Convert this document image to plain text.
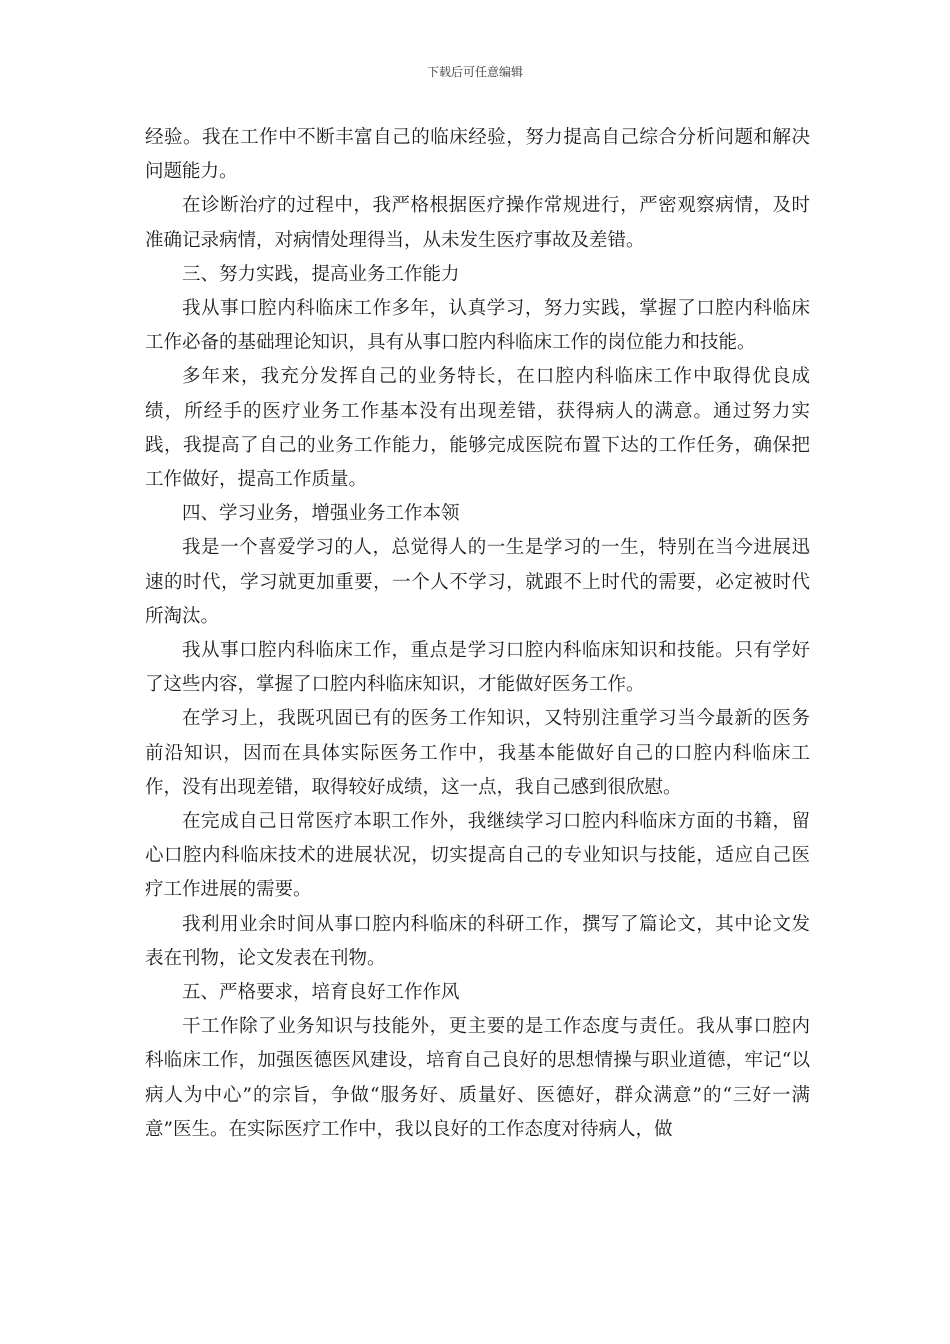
下载后可任意编辑

经验。我在工作中不断丰富自己的临床经验，努力提高自己综合分析问题和解决问题能力。

在诊断治疗的过程中，我严格根据医疗操作常规进行，严密观察病情，及时准确记录病情，对病情处理得当，从未发生医疗事故及差错。

三、努力实践，提高业务工作能力

我从事口腔内科临床工作多年，认真学习，努力实践，掌握了口腔内科临床工作必备的基础理论知识，具有从事口腔内科临床工作的岗位能力和技能。

多年来，我充分发挥自己的业务特长，在口腔内科临床工作中取得优良成绩，所经手的医疗业务工作基本没有出现差错，获得病人的满意。通过努力实践，我提高了自己的业务工作能力，能够完成医院布置下达的工作任务，确保把工作做好，提高工作质量。

四、学习业务，增强业务工作本领

我是一个喜爱学习的人，总觉得人的一生是学习的一生，特别在当今进展迅速的时代，学习就更加重要，一个人不学习，就跟不上时代的需要，必定被时代所淘汰。

我从事口腔内科临床工作，重点是学习口腔内科临床知识和技能。只有学好了这些内容，掌握了口腔内科临床知识，才能做好医务工作。

在学习上，我既巩固已有的医务工作知识，又特别注重学习当今最新的医务前沿知识，因而在具体实际医务工作中，我基本能做好自己的口腔内科临床工作，没有出现差错，取得较好成绩，这一点，我自己感到很欣慰。

在完成自己日常医疗本职工作外，我继续学习口腔内科临床方面的书籍，留心口腔内科临床技术的进展状况，切实提高自己的专业知识与技能，适应自己医疗工作进展的需要。

我利用业余时间从事口腔内科临床的科研工作，撰写了篇论文，其中论文发表在刊物，论文发表在刊物。

五、严格要求，培育良好工作作风

干工作除了业务知识与技能外，更主要的是工作态度与责任。我从事口腔内科临床工作，加强医德医风建设，培育自己良好的思想情操与职业道德，牢记“以病人为中心”的宗旨，争做“服务好、质量好、医德好，群众满意”的“三好一满意”医生。在实际医疗工作中，我以良好的工作态度对待病人，做
